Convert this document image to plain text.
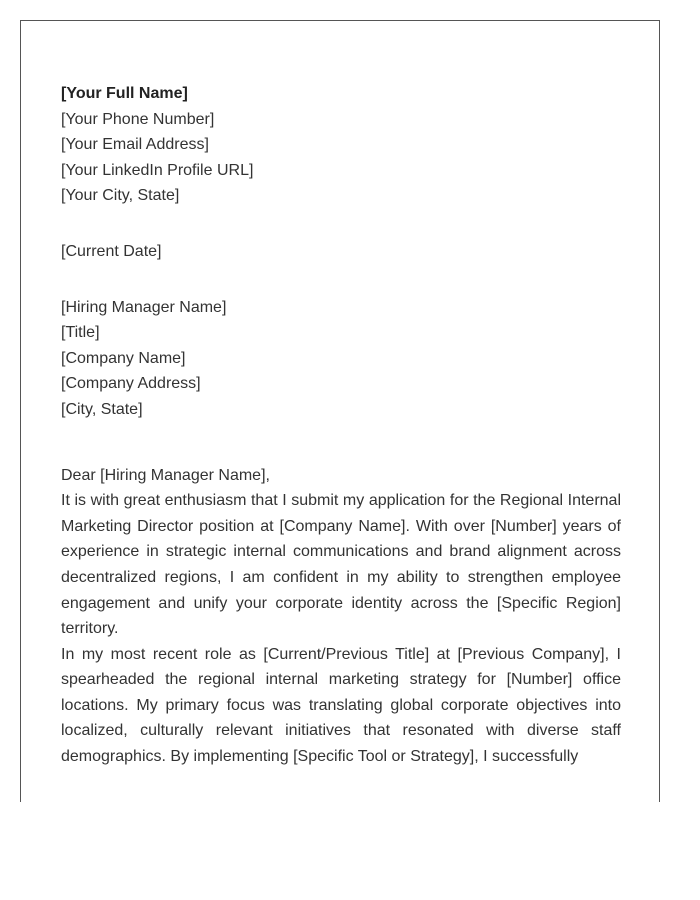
[Your Full Name]
[Your Phone Number]
[Your Email Address]
[Your LinkedIn Profile URL]
[Your City, State]
[Current Date]
[Hiring Manager Name]
[Title]
[Company Name]
[Company Address]
[City, State]
Dear [Hiring Manager Name],

It is with great enthusiasm that I submit my application for the Regional Internal Marketing Director position at [Company Name]. With over [Number] years of experience in strategic internal communications and brand alignment across decentralized regions, I am confident in my ability to strengthen employee engagement and unify your corporate identity across the [Specific Region] territory.

In my most recent role as [Current/Previous Title] at [Previous Company], I spearheaded the regional internal marketing strategy for [Number] office locations. My primary focus was translating global corporate objectives into localized, culturally relevant initiatives that resonated with diverse staff demographics. By implementing [Specific Tool or Strategy], I successfully
